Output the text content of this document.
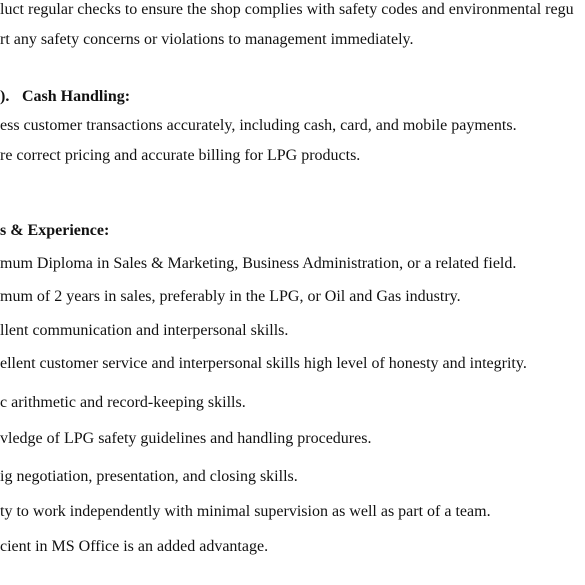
luct regular checks to ensure the shop complies with safety codes and environmental regu
rt any safety concerns or violations to management immediately.
). Cash Handling:
ess customer transactions accurately, including cash, card, and mobile payments.
re correct pricing and accurate billing for LPG products.
s & Experience:
mum Diploma in Sales & Marketing, Business Administration, or a related field.
mum of 2 years in sales, preferably in the LPG, or Oil and Gas industry.
llent communication and interpersonal skills.
ellent customer service and interpersonal skills high level of honesty and integrity.
c arithmetic and record-keeping skills.
vledge of LPG safety guidelines and handling procedures.
ig negotiation, presentation, and closing skills.
ty to work independently with minimal supervision as well as part of a team.
cient in MS Office is an added advantage.
